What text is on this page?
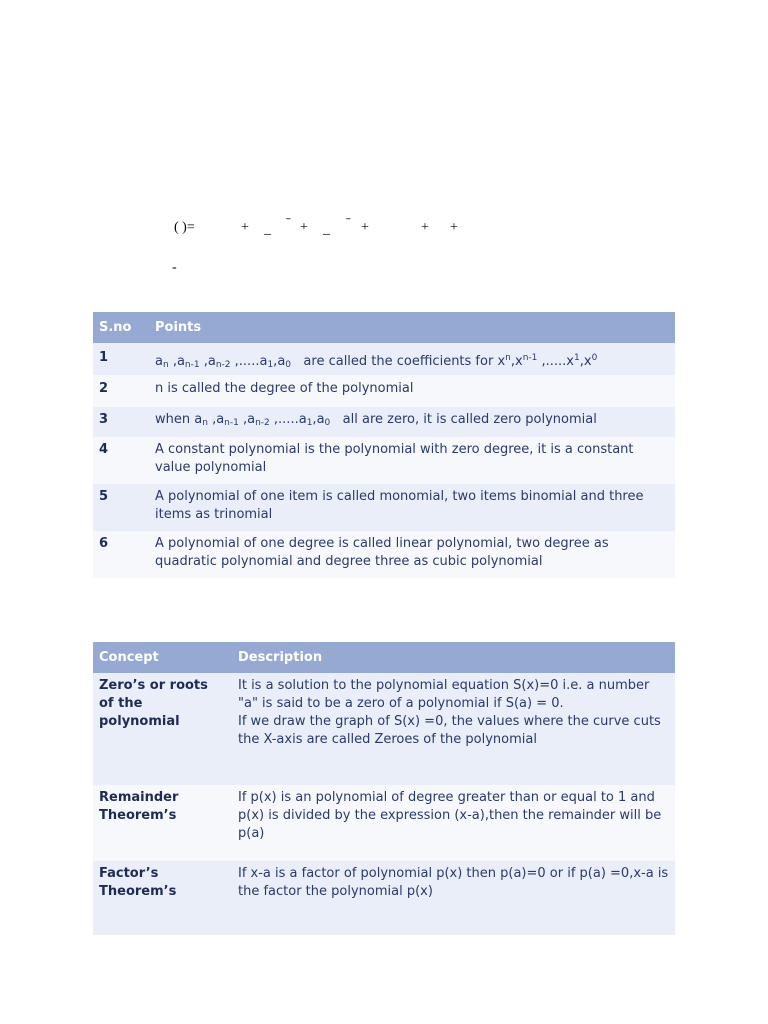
( )=	+ _ ˉ + _ ˉ +	+ +
-
S.no	Points
1	$a_n$ $,a_{n-1}$ $,a_{n-2}$ $,.....a_1,a_0$ are called the coefficients for $x^n,x^{n-1}$ $,.....x^1,x^0$
2	n is called the degree of the polynomial
3	when $a_n$ $,a_{n-1}$ $,a_{n-2}$ $,.....a_1,a_0$ all are zero, it is called zero polynomial
4	A constant polynomial is the polynomial with zero degree, it is a constant value polynomial
5	A polynomial of one item is called monomial, two items binomial and three items as trinomial
6	A polynomial of one degree is called linear polynomial, two degree as quadratic polynomial and degree three as cubic polynomial
Concept	Description
Zero’s or roots of the polynomial	It is a solution to the polynomial equation S(x)=0 i.e. a number "a" is said to be a zero of a polynomial if S(a) = 0.
If we draw the graph of S(x) =0, the values where the curve cuts the X-axis are called Zeroes of the polynomial

Remainder Theorem’s	If p(x) is an polynomial of degree greater than or equal to 1 and p(x) is divided by the expression (x-a),then the remainder will be p(a)
Factor’s Theorem’s	If x-a is a factor of polynomial p(x) then p(a)=0 or if p(a) =0,x-a is the factor the polynomial p(x)
